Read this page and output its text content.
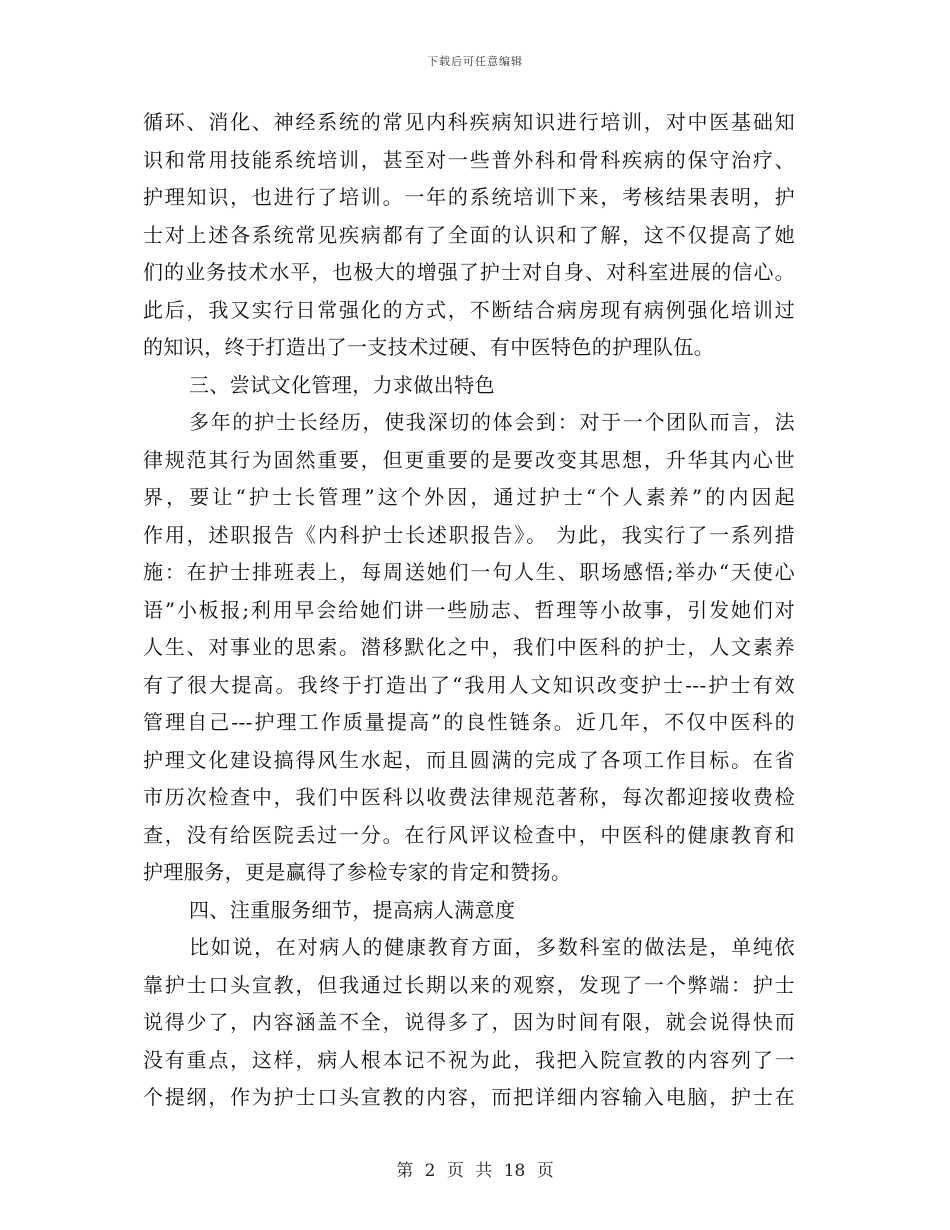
下载后可任意编辑
循环、消化、神经系统的常见内科疾病知识进行培训，对中医基础知
识和常用技能系统培训，甚至对一些普外科和骨科疾病的保守治疗、
护理知识，也进行了培训。一年的系统培训下来，考核结果表明，护
士对上述各系统常见疾病都有了全面的认识和了解，这不仅提高了她
们的业务技术水平，也极大的增强了护士对自身、对科室进展的信心。
此后，我又实行日常强化的方式，不断结合病房现有病例强化培训过
的知识，终于打造出了一支技术过硬、有中医特色的护理队伍。
三、尝试文化管理，力求做出特色
多年的护士长经历，使我深切的体会到：对于一个团队而言，法
律规范其行为固然重要，但更重要的是要改变其思想，升华其内心世
界，要让“护士长管理”这个外因，通过护士“个人素养”的内因起
作用，述职报告《内科护士长述职报告》。 为此，我实行了一系列措
施：在护士排班表上，每周送她们一句人生、职场感悟;举办“天使心
语”小板报;利用早会给她们讲一些励志、哲理等小故事，引发她们对
人生、对事业的思索。潜移默化之中，我们中医科的护士，人文素养
有了很大提高。我终于打造出了“我用人文知识改变护士---护士有效
管理自己---护理工作质量提高”的良性链条。近几年，不仅中医科的
护理文化建设搞得风生水起，而且圆满的完成了各项工作目标。在省
市历次检查中，我们中医科以收费法律规范著称，每次都迎接收费检
查，没有给医院丢过一分。在行风评议检查中，中医科的健康教育和
护理服务，更是赢得了参检专家的肯定和赞扬。
四、注重服务细节，提高病人满意度
比如说，在对病人的健康教育方面，多数科室的做法是，单纯依
靠护士口头宣教，但我通过长期以来的观察，发现了一个弊端：护士
说得少了，内容涵盖不全，说得多了，因为时间有限，就会说得快而
没有重点，这样，病人根本记不祝为此，我把入院宣教的内容列了一
个提纲，作为护士口头宣教的内容，而把详细内容输入电脑，护士在
第 2 页 共 18 页
